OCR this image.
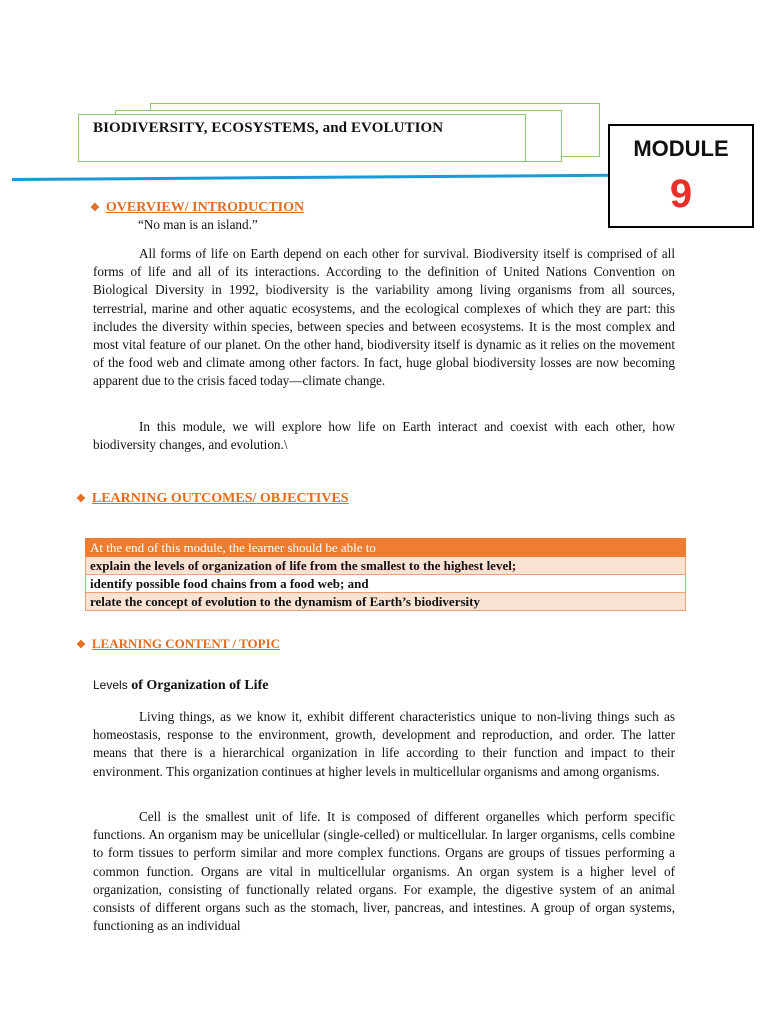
BIODIVERSITY, ECOSYSTEMS, and EVOLUTION
MODULE
9
❖ OVERVIEW/ INTRODUCTION
“No man is an island.”
All forms of life on Earth depend on each other for survival. Biodiversity itself is comprised of all forms of life and all of its interactions. According to the definition of United Nations Convention on Biological Diversity in 1992, biodiversity is the variability among living organisms from all sources, terrestrial, marine and other aquatic ecosystems, and the ecological complexes of which they are part: this includes the diversity within species, between species and between ecosystems. It is the most complex and most vital feature of our planet. On the other hand, biodiversity itself is dynamic as it relies on the movement of the food web and climate among other factors. In fact, huge global biodiversity losses are now becoming apparent due to the crisis faced today—climate change.
In this module, we will explore how life on Earth interact and coexist with each other, how biodiversity changes, and evolution.\
❖ LEARNING OUTCOMES/ OBJECTIVES
At the end of this module, the learner should be able to
explain the levels of organization of life from the smallest to the highest level;
identify possible food chains from a food web; and
relate the concept of evolution to the dynamism of Earth’s biodiversity
❖ LEARNING CONTENT / TOPIC
Levels of Organization of Life
Living things, as we know it, exhibit different characteristics unique to non-living things such as homeostasis, response to the environment, growth, development and reproduction, and order. The latter means that there is a hierarchical organization in life according to their function and impact to their environment. This organization continues at higher levels in multicellular organisms and among organisms.
Cell is the smallest unit of life. It is composed of different organelles which perform specific functions. An organism may be unicellular (single-celled) or multicellular. In larger organisms, cells combine to form tissues to perform similar and more complex functions. Organs are groups of tissues performing a common function. Organs are vital in multicellular organisms. An organ system is a higher level of organization, consisting of functionally related organs. For example, the digestive system of an animal consists of different organs such as the stomach, liver, pancreas, and intestines. A group of organ systems, functioning as an individual
